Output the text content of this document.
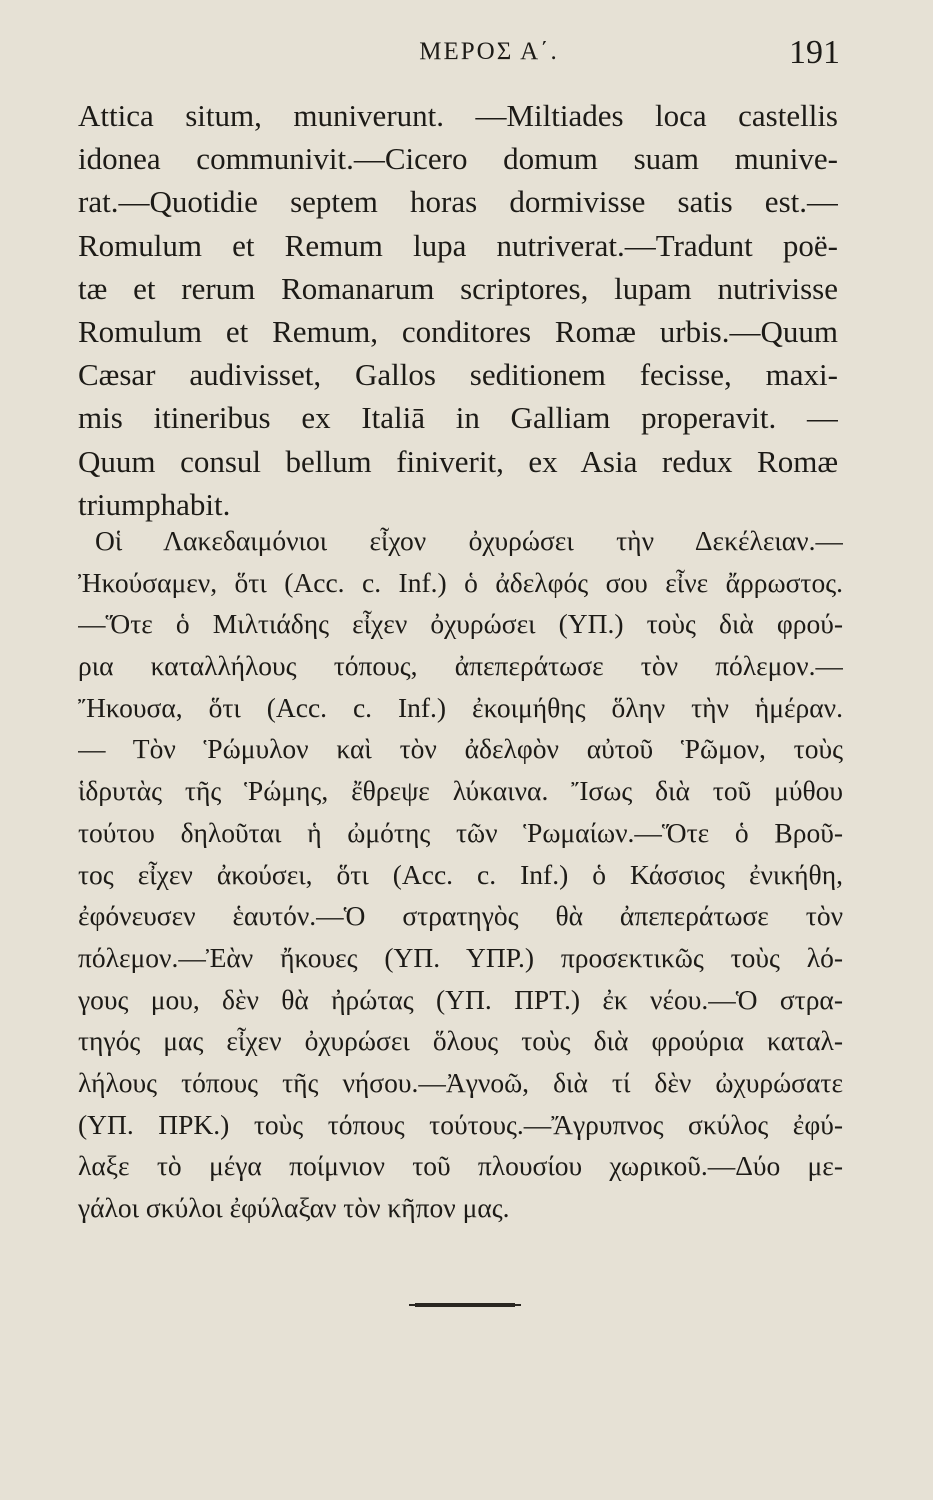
ΜΕΡΟΣ Α΄.	191
Attica situm, muniverunt. —Miltiades loca castellis
idonea communivit.—Cicero domum suam munive-
rat.—Quotidie septem horas dormivisse satis est.—
Romulum et Remum lupa nutriverat.—Tradunt poë-
tæ et rerum Romanarum scriptores, lupam nutrivisse
Romulum et Remum, conditores Romæ urbis.—Quum
Cæsar audivisset, Gallos seditionem fecisse, maxi-
mis itineribus ex Italiā in Galliam properavit. —
Quum consul bellum finiverit, ex Asia redux Romæ
triumphabit.
Οἱ Λακεδαιμόνιοι εἶχον ὀχυρώσει τὴν Δεκέλειαν.—
Ἠκούσαμεν, ὅτι (Acc. c. Inf.) ὁ ἀδελφός σου εἶνε ἄρρωστος.
—Ὅτε ὁ Μιλτιάδης εἶχεν ὀχυρώσει (ΥΠ.) τοὺς διὰ φρού-
ρια καταλλήλους τόπους, ἀπεπεράτωσε τὸν πόλεμον.—
Ἤκουσα, ὅτι (Acc. c. Inf.) ἐκοιμήθης ὅλην τὴν ἡμέραν.
— Τὸν Ῥώμυλον καὶ τὸν ἀδελφὸν αὐτοῦ Ῥῶμον, τοὺς
ἱδρυτὰς τῆς Ῥώμης, ἔθρεψε λύκαινα. Ἴσως διὰ τοῦ μύθου
τούτου δηλοῦται ἡ ὠμότης τῶν Ῥωμαίων.—Ὅτε ὁ Βροῦ-
τος εἶχεν ἀκούσει, ὅτι (Acc. c. Inf.) ὁ Κάσσιος ἐνικήθη,
ἐφόνευσεν ἑαυτόν.—Ὁ στρατηγὸς θὰ ἀπεπεράτωσε τὸν
πόλεμον.—Ἐὰν ἤκουες (ΥΠ. ΥΠΡ.) προσεκτικῶς τοὺς λό-
γους μου, δὲν θὰ ἠρώτας (ΥΠ. ΠΡΤ.) ἐκ νέου.—Ὁ στρα-
τηγός μας εἶχεν ὀχυρώσει ὅλους τοὺς διὰ φρούρια καταλ-
λήλους τόπους τῆς νήσου.—Ἀγνοῶ, διὰ τί δὲν ὠχυρώσατε
(ΥΠ. ΠΡΚ.) τοὺς τόπους τούτους.—Ἄγρυπνος σκύλος ἐφύ-
λαξε τὸ μέγα ποίμνιον τοῦ πλουσίου χωρικοῦ.—Δύο με-
γάλοι σκύλοι ἐφύλαξαν τὸν κῆπον μας.
